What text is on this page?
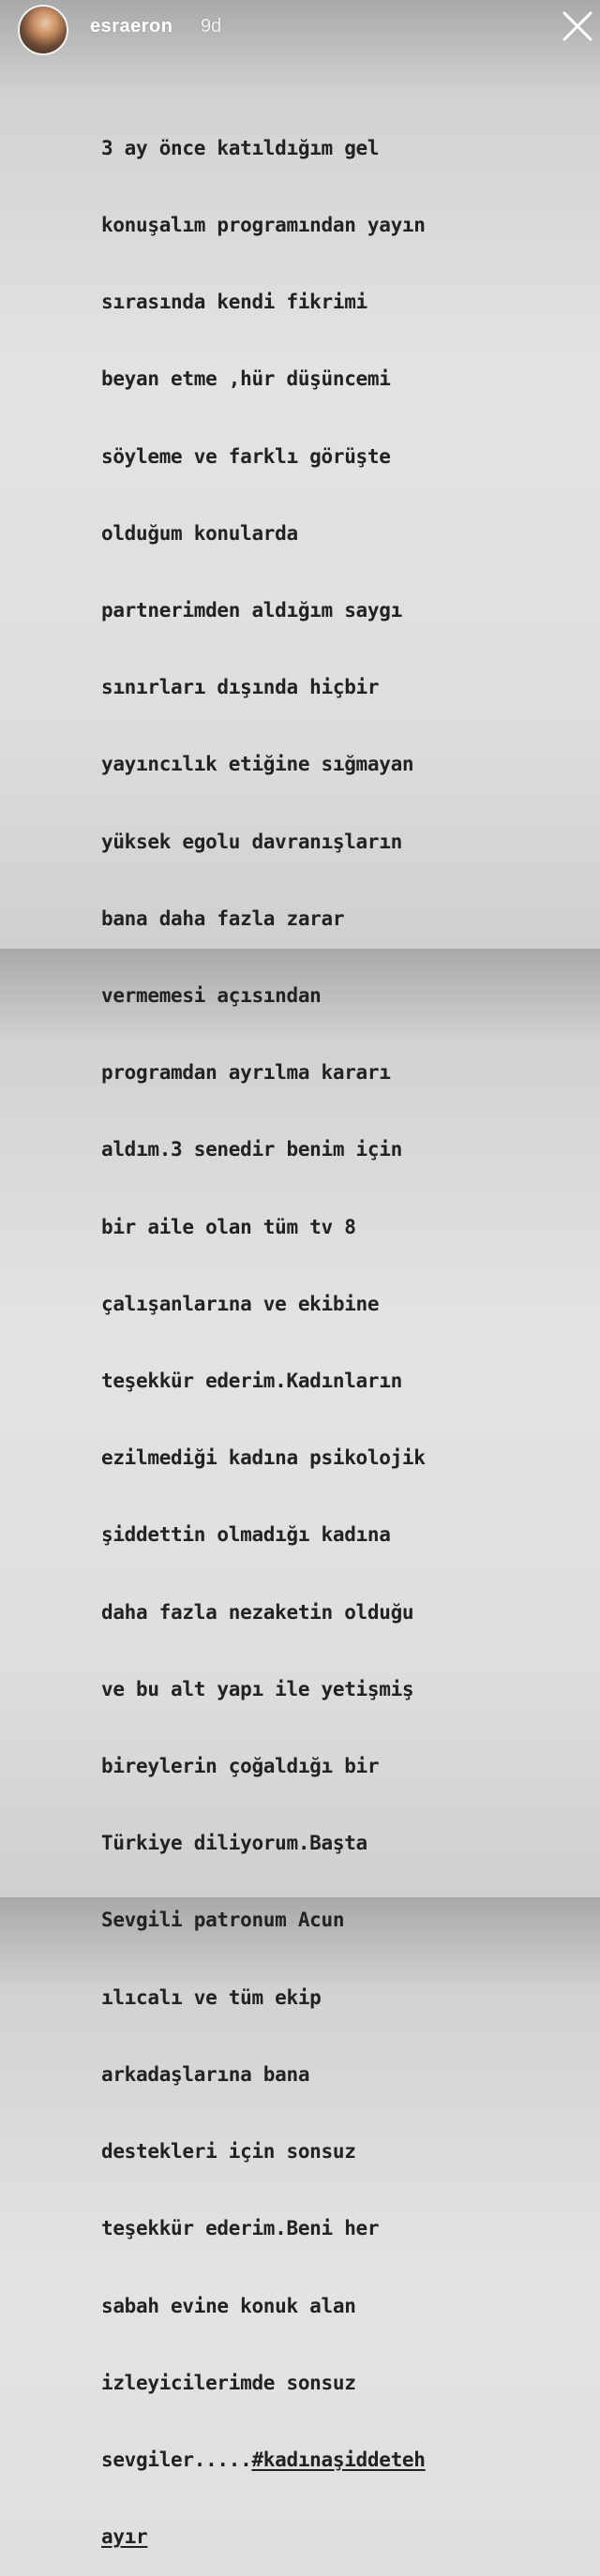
esraeron 9d

3 ay önce katıldığım gel

konuşalım programından yayın

sırasında kendi fikrimi

beyan etme ,hür düşüncemi

söyleme ve farklı görüşte

olduğum konularda

partnerimden aldığım saygı

sınırları dışında hiçbir

yayıncılık etiğine sığmayan

yüksek egolu davranışların

bana daha fazla zarar

vermemesi açısından

programdan ayrılma kararı

aldım.3 senedir benim için

bir aile olan tüm tv 8

çalışanlarına ve ekibine

teşekkür ederim.Kadınların

ezilmediği kadına psikolojik

şiddettin olmadığı kadına

daha fazla nezaketin olduğu

ve bu alt yapı ile yetişmiş

bireylerin çoğaldığı bir

Türkiye diliyorum.Başta

Sevgili patronum Acun

ılıcalı ve tüm ekip

arkadaşlarına bana

destekleri için sonsuz

teşekkür ederim.Beni her

sabah evine konuk alan

izleyicilerimde sonsuz

sevgiler.....#kadınaşiddeteh

ayır
